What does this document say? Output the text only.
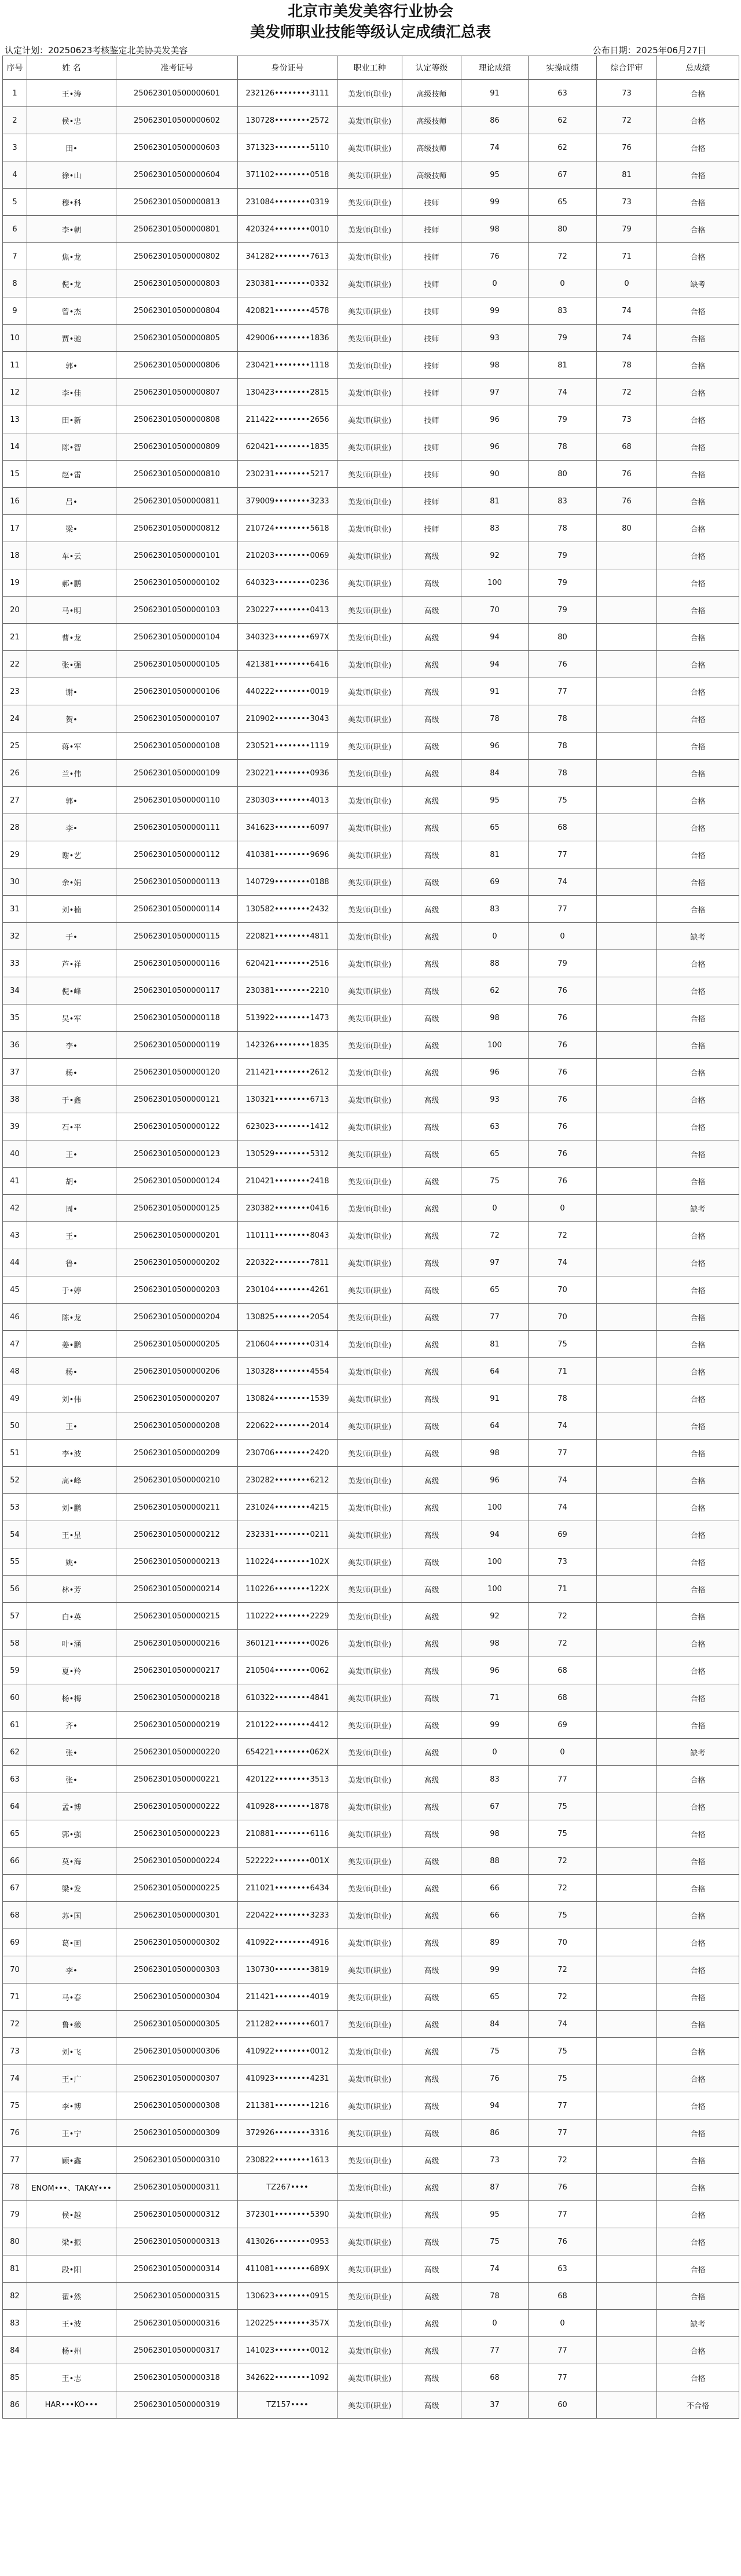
北京市美发美容行业协会
美发师职业技能等级认定成绩汇总表
认定计划：20250623考核鉴定北美协美发美容	公布日期：2025年06月27日
序号	姓 名	准考证号	身份证号	职业工种	认定等级	理论成绩	实操成绩	综合评审	总成绩
1	王•涛	250623010500000601	232126••••••••3111	美发师(职业)	高级技师	91	63	73	合格
2	侯•忠	250623010500000602	130728••••••••2572	美发师(职业)	高级技师	86	62	72	合格
3	田•	250623010500000603	371323••••••••5110	美发师(职业)	高级技师	74	62	76	合格
4	徐•山	250623010500000604	371102••••••••0518	美发师(职业)	高级技师	95	67	81	合格
5	穆•科	250623010500000813	231084••••••••0319	美发师(职业)	技师	99	65	73	合格
6	李•朝	250623010500000801	420324••••••••0010	美发师(职业)	技师	98	80	79	合格
7	焦•龙	250623010500000802	341282••••••••7613	美发师(职业)	技师	76	72	71	合格
8	倪•龙	250623010500000803	230381••••••••0332	美发师(职业)	技师	0	0	0	缺考
9	曾•杰	250623010500000804	420821••••••••4578	美发师(职业)	技师	99	83	74	合格
10	贾•驰	250623010500000805	429006••••••••1836	美发师(职业)	技师	93	79	74	合格
11	郭•	250623010500000806	230421••••••••1118	美发师(职业)	技师	98	81	78	合格
12	李•佳	250623010500000807	130423••••••••2815	美发师(职业)	技师	97	74	72	合格
13	田•新	250623010500000808	211422••••••••2656	美发师(职业)	技师	96	79	73	合格
14	陈•智	250623010500000809	620421••••••••1835	美发师(职业)	技师	96	78	68	合格
15	赵•雷	250623010500000810	230231••••••••5217	美发师(职业)	技师	90	80	76	合格
16	吕•	250623010500000811	379009••••••••3233	美发师(职业)	技师	81	83	76	合格
17	梁•	250623010500000812	210724••••••••5618	美发师(职业)	技师	83	78	80	合格
18	车•云	250623010500000101	210203••••••••0069	美发师(职业)	高级	92	79		合格
19	郝•鹏	250623010500000102	640323••••••••0236	美发师(职业)	高级	100	79		合格
20	马•明	250623010500000103	230227••••••••0413	美发师(职业)	高级	70	79		合格
21	曹•龙	250623010500000104	340323••••••••697X	美发师(职业)	高级	94	80		合格
22	张•强	250623010500000105	421381••••••••6416	美发师(职业)	高级	94	76		合格
23	谢•	250623010500000106	440222••••••••0019	美发师(职业)	高级	91	77		合格
24	贺•	250623010500000107	210902••••••••3043	美发师(职业)	高级	78	78		合格
25	蒋•军	250623010500000108	230521••••••••1119	美发师(职业)	高级	96	78		合格
26	兰•伟	250623010500000109	230221••••••••0936	美发师(职业)	高级	84	78		合格
27	郭•	250623010500000110	230303••••••••4013	美发师(职业)	高级	95	75		合格
28	李•	250623010500000111	341623••••••••6097	美发师(职业)	高级	65	68		合格
29	谢•艺	250623010500000112	410381••••••••9696	美发师(职业)	高级	81	77		合格
30	余•娟	250623010500000113	140729••••••••0188	美发师(职业)	高级	69	74		合格
31	刘•楠	250623010500000114	130582••••••••2432	美发师(职业)	高级	83	77		合格
32	于•	250623010500000115	220821••••••••4811	美发师(职业)	高级	0	0		缺考
33	芦•祥	250623010500000116	620421••••••••2516	美发师(职业)	高级	88	79		合格
34	倪•峰	250623010500000117	230381••••••••2210	美发师(职业)	高级	62	76		合格
35	吴•军	250623010500000118	513922••••••••1473	美发师(职业)	高级	98	76		合格
36	李•	250623010500000119	142326••••••••1835	美发师(职业)	高级	100	76		合格
37	杨•	250623010500000120	211421••••••••2612	美发师(职业)	高级	96	76		合格
38	于•鑫	250623010500000121	130321••••••••6713	美发师(职业)	高级	93	76		合格
39	石•平	250623010500000122	623023••••••••1412	美发师(职业)	高级	63	76		合格
40	王•	250623010500000123	130529••••••••5312	美发师(职业)	高级	65	76		合格
41	胡•	250623010500000124	210421••••••••2418	美发师(职业)	高级	75	76		合格
42	周•	250623010500000125	230382••••••••0416	美发师(职业)	高级	0	0		缺考
43	王•	250623010500000201	110111••••••••8043	美发师(职业)	高级	72	72		合格
44	鲁•	250623010500000202	220322••••••••7811	美发师(职业)	高级	97	74		合格
45	于•婷	250623010500000203	230104••••••••4261	美发师(职业)	高级	65	70		合格
46	陈•龙	250623010500000204	130825••••••••2054	美发师(职业)	高级	77	70		合格
47	姜•鹏	250623010500000205	210604••••••••0314	美发师(职业)	高级	81	75		合格
48	杨•	250623010500000206	130328••••••••4554	美发师(职业)	高级	64	71		合格
49	刘•伟	250623010500000207	130824••••••••1539	美发师(职业)	高级	91	78		合格
50	王•	250623010500000208	220622••••••••2014	美发师(职业)	高级	64	74		合格
51	李•波	250623010500000209	230706••••••••2420	美发师(职业)	高级	98	77		合格
52	高•峰	250623010500000210	230282••••••••6212	美发师(职业)	高级	96	74		合格
53	刘•鹏	250623010500000211	231024••••••••4215	美发师(职业)	高级	100	74		合格
54	王•星	250623010500000212	232331••••••••0211	美发师(职业)	高级	94	69		合格
55	姚•	250623010500000213	110224••••••••102X	美发师(职业)	高级	100	73		合格
56	林•芳	250623010500000214	110226••••••••122X	美发师(职业)	高级	100	71		合格
57	白•英	250623010500000215	110222••••••••2229	美发师(职业)	高级	92	72		合格
58	叶•涵	250623010500000216	360121••••••••0026	美发师(职业)	高级	98	72		合格
59	夏•羚	250623010500000217	210504••••••••0062	美发师(职业)	高级	96	68		合格
60	杨•梅	250623010500000218	610322••••••••4841	美发师(职业)	高级	71	68		合格
61	齐•	250623010500000219	210122••••••••4412	美发师(职业)	高级	99	69		合格
62	张•	250623010500000220	654221••••••••062X	美发师(职业)	高级	0	0		缺考
63	张•	250623010500000221	420122••••••••3513	美发师(职业)	高级	83	77		合格
64	孟•博	250623010500000222	410928••••••••1878	美发师(职业)	高级	67	75		合格
65	郭•强	250623010500000223	210881••••••••6116	美发师(职业)	高级	98	75		合格
66	莫•海	250623010500000224	522222••••••••001X	美发师(职业)	高级	88	72		合格
67	梁•发	250623010500000225	211021••••••••6434	美发师(职业)	高级	66	72		合格
68	苏•国	250623010500000301	220422••••••••3233	美发师(职业)	高级	66	75		合格
69	葛•画	250623010500000302	410922••••••••4916	美发师(职业)	高级	89	70		合格
70	李•	250623010500000303	130730••••••••3819	美发师(职业)	高级	99	72		合格
71	马•春	250623010500000304	211421••••••••4019	美发师(职业)	高级	65	72		合格
72	鲁•薇	250623010500000305	211282••••••••6017	美发师(职业)	高级	84	74		合格
73	刘•飞	250623010500000306	410922••••••••0012	美发师(职业)	高级	75	75		合格
74	王•广	250623010500000307	410923••••••••4231	美发师(职业)	高级	76	75		合格
75	李•博	250623010500000308	211381••••••••1216	美发师(职业)	高级	94	77		合格
76	王•宁	250623010500000309	372926••••••••3316	美发师(职业)	高级	86	77		合格
77	顾•鑫	250623010500000310	230822••••••••1613	美发师(职业)	高级	73	72		合格
78	ENOM•••、TAKAY•••	250623010500000311	TZ267••••	美发师(职业)	高级	87	76		合格
79	侯•越	250623010500000312	372301••••••••5390	美发师(职业)	高级	95	77		合格
80	梁•振	250623010500000313	413026••••••••0953	美发师(职业)	高级	75	76		合格
81	段•阳	250623010500000314	411081••••••••689X	美发师(职业)	高级	74	63		合格
82	翟•然	250623010500000315	130623••••••••0915	美发师(职业)	高级	78	68		合格
83	王•波	250623010500000316	120225••••••••357X	美发师(职业)	高级	0	0		缺考
84	杨•州	250623010500000317	141023••••••••0012	美发师(职业)	高级	77	77		合格
85	王•志	250623010500000318	342622••••••••1092	美发师(职业)	高级	68	77		合格
86	HAR•••KO•••	250623010500000319	TZ157••••	美发师(职业)	高级	37	60		不合格
